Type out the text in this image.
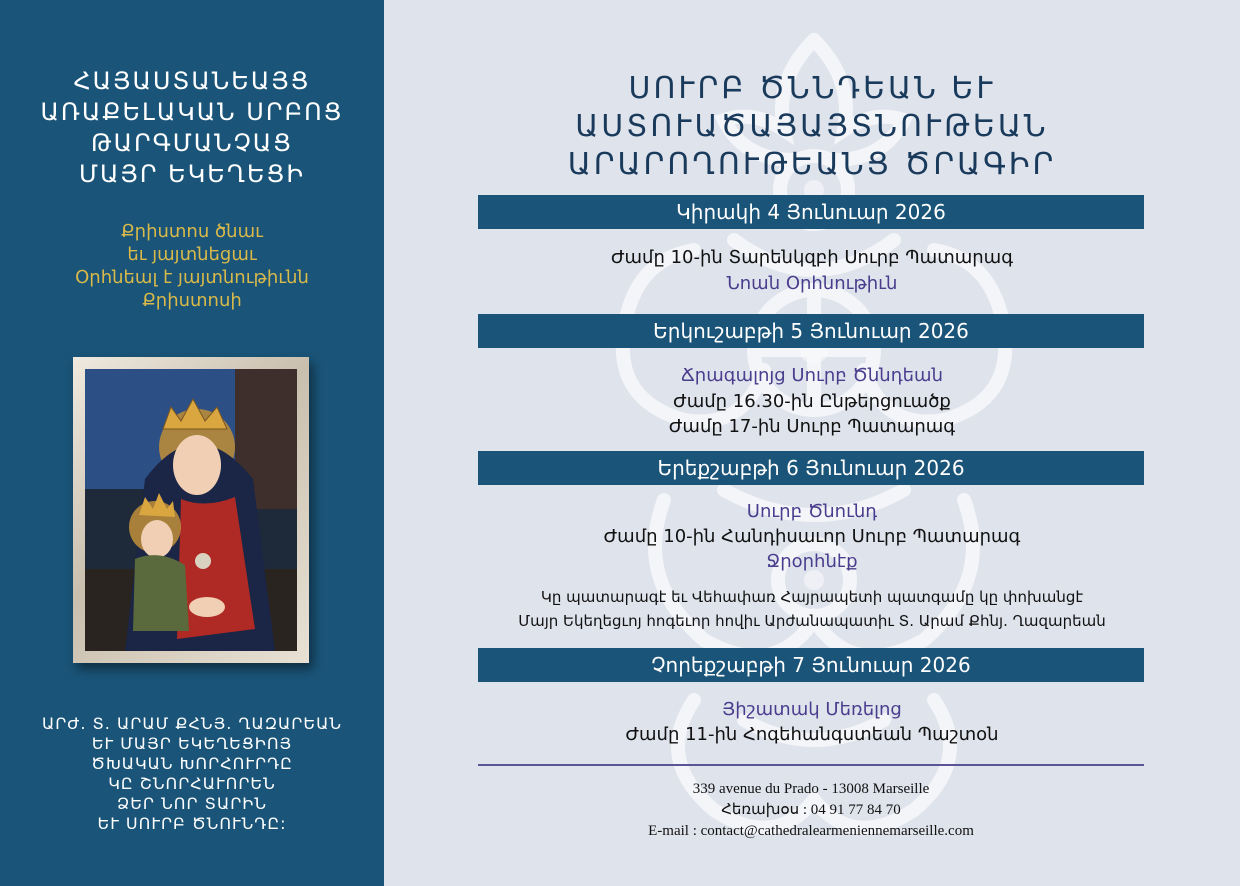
ՀԱՅԱՍՏԱՆԵԱՅՑ
ԱՌԱՔԵԼԱԿԱՆ ՍՐԲՈՑ
ԹԱՐԳՄԱՆՉԱՑ
ՄԱՅՐ ԵԿԵՂԵՑԻ
Քրիստոս ծնաւ
եւ յայտնեցաւ
Օրհնեալ է յայտնութիւնն
Քրիստոսի
ԱՐԺ. Տ. ԱՐԱՄ ՔՀՆՅ. ՂԱԶԱՐԵԱՆ
ԵՒ ՄԱՅՐ ԵԿԵՂԵՑԻՈՅ
ԾԽԱԿԱՆ ԽՈՐՀՈՒՐԴԸ
ԿԸ ՇՆՈՐՀԱՒՈՐԵՆ
ՁԵՐ ՆՈՐ ՏԱՐԻՆ
ԵՒ ՍՈՒՐԲ ԾՆՈՒՆԴԸ:
ՍՈՒՐԲ ԾՆՆԴԵԱՆ ԵՒ
ԱՍՏՈՒԱԾԱՅԱՅՏՆՈՒԹԵԱՆ
ԱՐԱՐՈՂՈՒԹԵԱՆՑ ԾՐԱԳԻՐ
Կիրակի 4 Յունուար 2026
Ժամը 10-ին Տարենկզբի Սուրբ Պատարագ
Նոան Օրհնութիւն
Երկուշաբթի 5 Յունուար 2026
Ճրագալոյց Սուրբ Ծննդեան
Ժամը 16.30-ին Ընթերցուածք
Ժամը 17-ին Սուրբ Պատարագ
Երեքշաբթի 6 Յունուար 2026
Սուրբ Ծնունդ
Ժամը 10-ին Հանդիսաւոր Սուրբ Պատարագ
Ջրօրհնէք
Կը պատարագէ եւ Վեհափառ Հայրապետի պատգամը կը փոխանցէ
Մայր Եկեղեցւոյ հոգեւոր հովիւ Արժանապատիւ Տ. Արամ Քհնյ. Ղազարեան
Չորեքշաբթի 7 Յունուար 2026
Յիշատակ Մեռելոց
Ժամը 11-ին Հոգեհանգստեան Պաշտօն
339 avenue du Prado - 13008 Marseille
Հեռախօս : 04 91 77 84 70
E-mail : contact@cathedralearmeniennemarseille.com
